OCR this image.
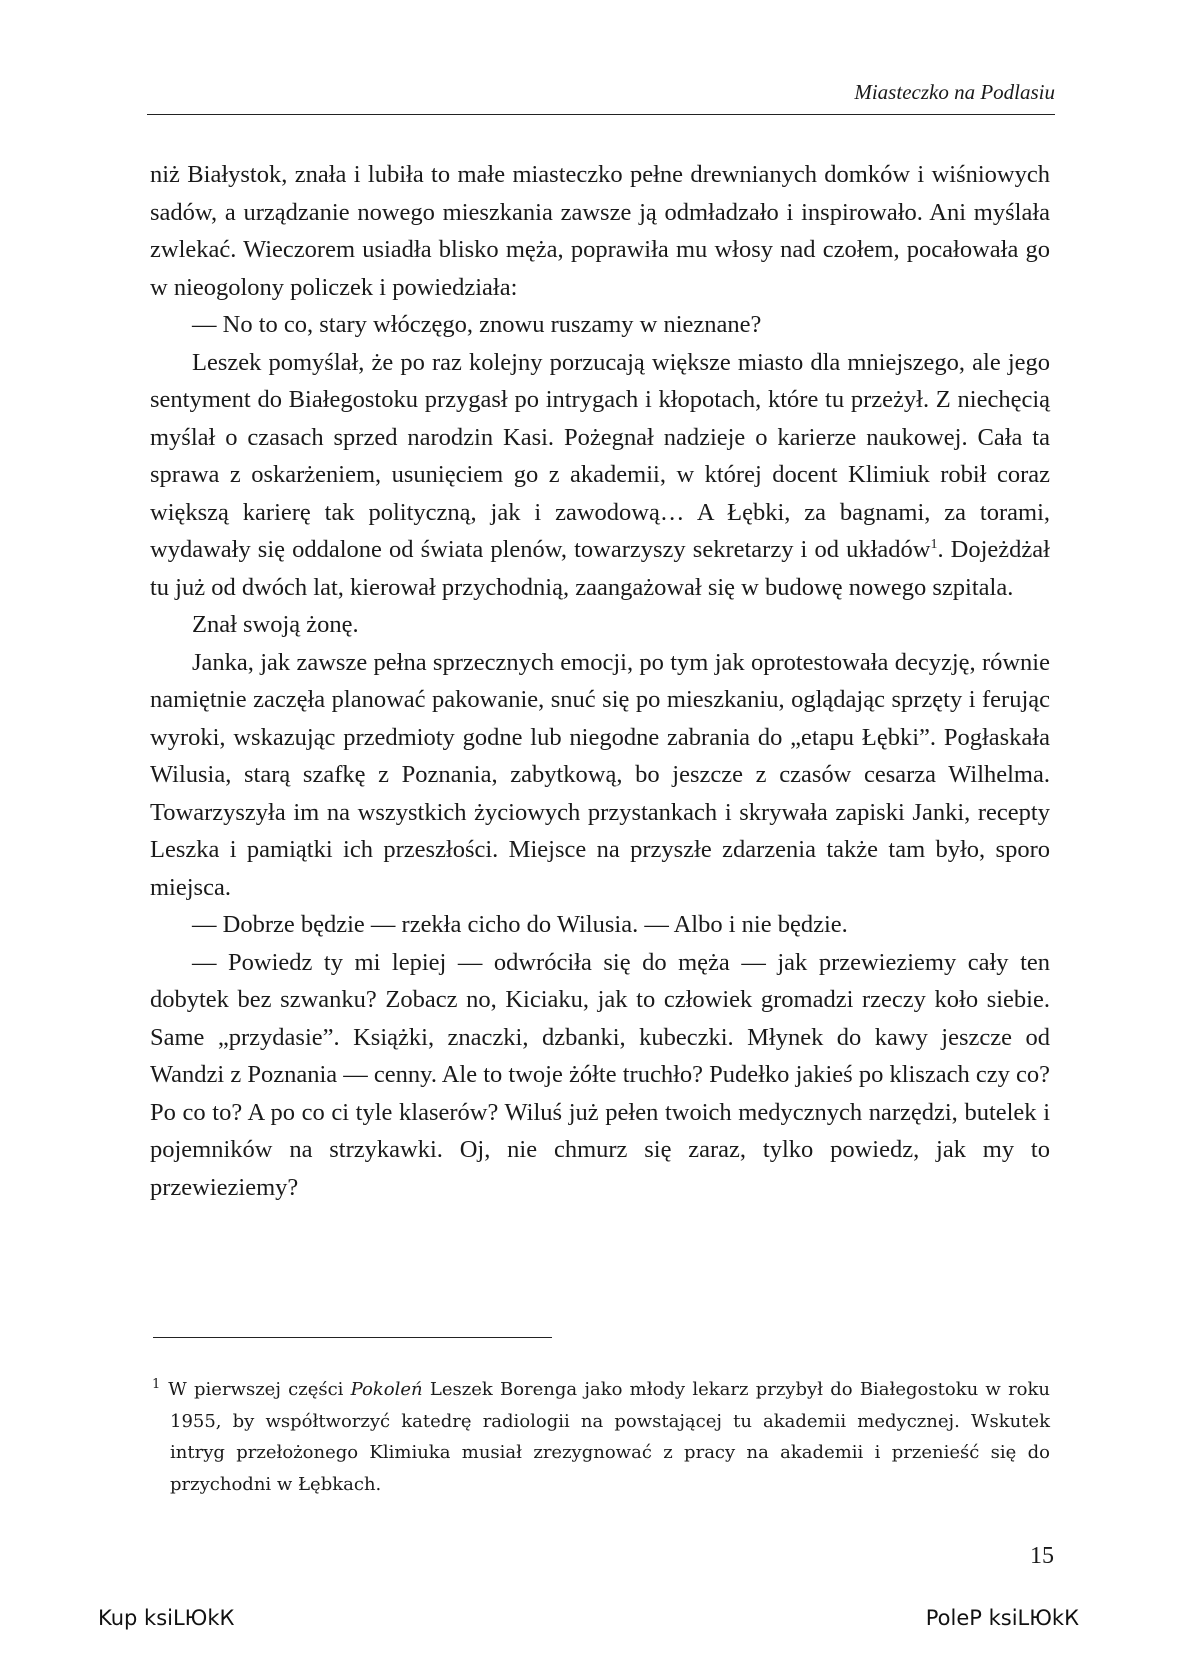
Miasteczko na Podlasiu

niż Białystok, znała i lubiła to małe miasteczko pełne drewnianych domków i wiśniowych sadów, a urządzanie nowego mieszkania zawsze ją odmładzało i inspirowało. Ani myślała zwlekać. Wieczorem usiadła blisko męża, poprawiła mu włosy nad czołem, pocałowała go w nieogolony policzek i powiedziała:

— No to co, stary włóczęgo, znowu ruszamy w nieznane?

Leszek pomyślał, że po raz kolejny porzucają większe miasto dla mniejszego, ale jego sentyment do Białegostoku przygasł po intrygach i kłopotach, które tu przeżył. Z niechęcią myślał o czasach sprzed narodzin Kasi. Pożegnał nadzieje o karierze naukowej. Cała ta sprawa z oskarżeniem, usunięciem go z akademii, w której docent Klimiuk robił coraz większą karierę tak polityczną, jak i zawodową… A Łębki, za bagnami, za torami, wydawały się oddalone od świata plenów, towarzyszy sekretarzy i od układów$^1$. Dojeżdżał tu już od dwóch lat, kierował przychodnią, zaangażował się w budowę nowego szpitala.

Znał swoją żonę.

Janka, jak zawsze pełna sprzecznych emocji, po tym jak oprotestowała decyzję, równie namiętnie zaczęła planować pakowanie, snuć się po mieszkaniu, oglądając sprzęty i ferując wyroki, wskazując przedmioty godne lub niegodne zabrania do „etapu Łębki”. Pogłaskała Wilusia, starą szafkę z Poznania, zabytkową, bo jeszcze z czasów cesarza Wilhelma. Towarzyszyła im na wszystkich życiowych przystankach i skrywała zapiski Janki, recepty Leszka i pamiątki ich przeszłości. Miejsce na przyszłe zdarzenia także tam było, sporo miejsca.

— Dobrze będzie — rzekła cicho do Wilusia. — Albo i nie będzie.

— Powiedz ty mi lepiej — odwróciła się do męża — jak przewieziemy cały ten dobytek bez szwanku? Zobacz no, Kiciaku, jak to człowiek gromadzi rzeczy koło siebie. Same „przydasie”. Książki, znaczki, dzbanki, kubeczki. Młynek do kawy jeszcze od Wandzi z Poznania — cenny. Ale to twoje żółte truchło? Pudełko jakieś po kliszach czy co? Po co to? A po co ci tyle klaserów? Wiluś już pełen twoich medycznych narzędzi, butelek i pojemników na strzykawki. Oj, nie chmurz się zaraz, tylko powiedz, jak my to przewieziemy?

$^1$ W pierwszej części Pokoleń Leszek Borenga jako młody lekarz przybył do Białegostoku w roku 1955, by współtworzyć katedrę radiologii na powstającej tu akademii medycznej. Wskutek intryg przełożonego Klimiuka musiał zrezygnować z pracy na akademii i przenieść się do przychodni w Łębkach.
15
Kup ksiLЮkК	PoleР ksiLЮkК
